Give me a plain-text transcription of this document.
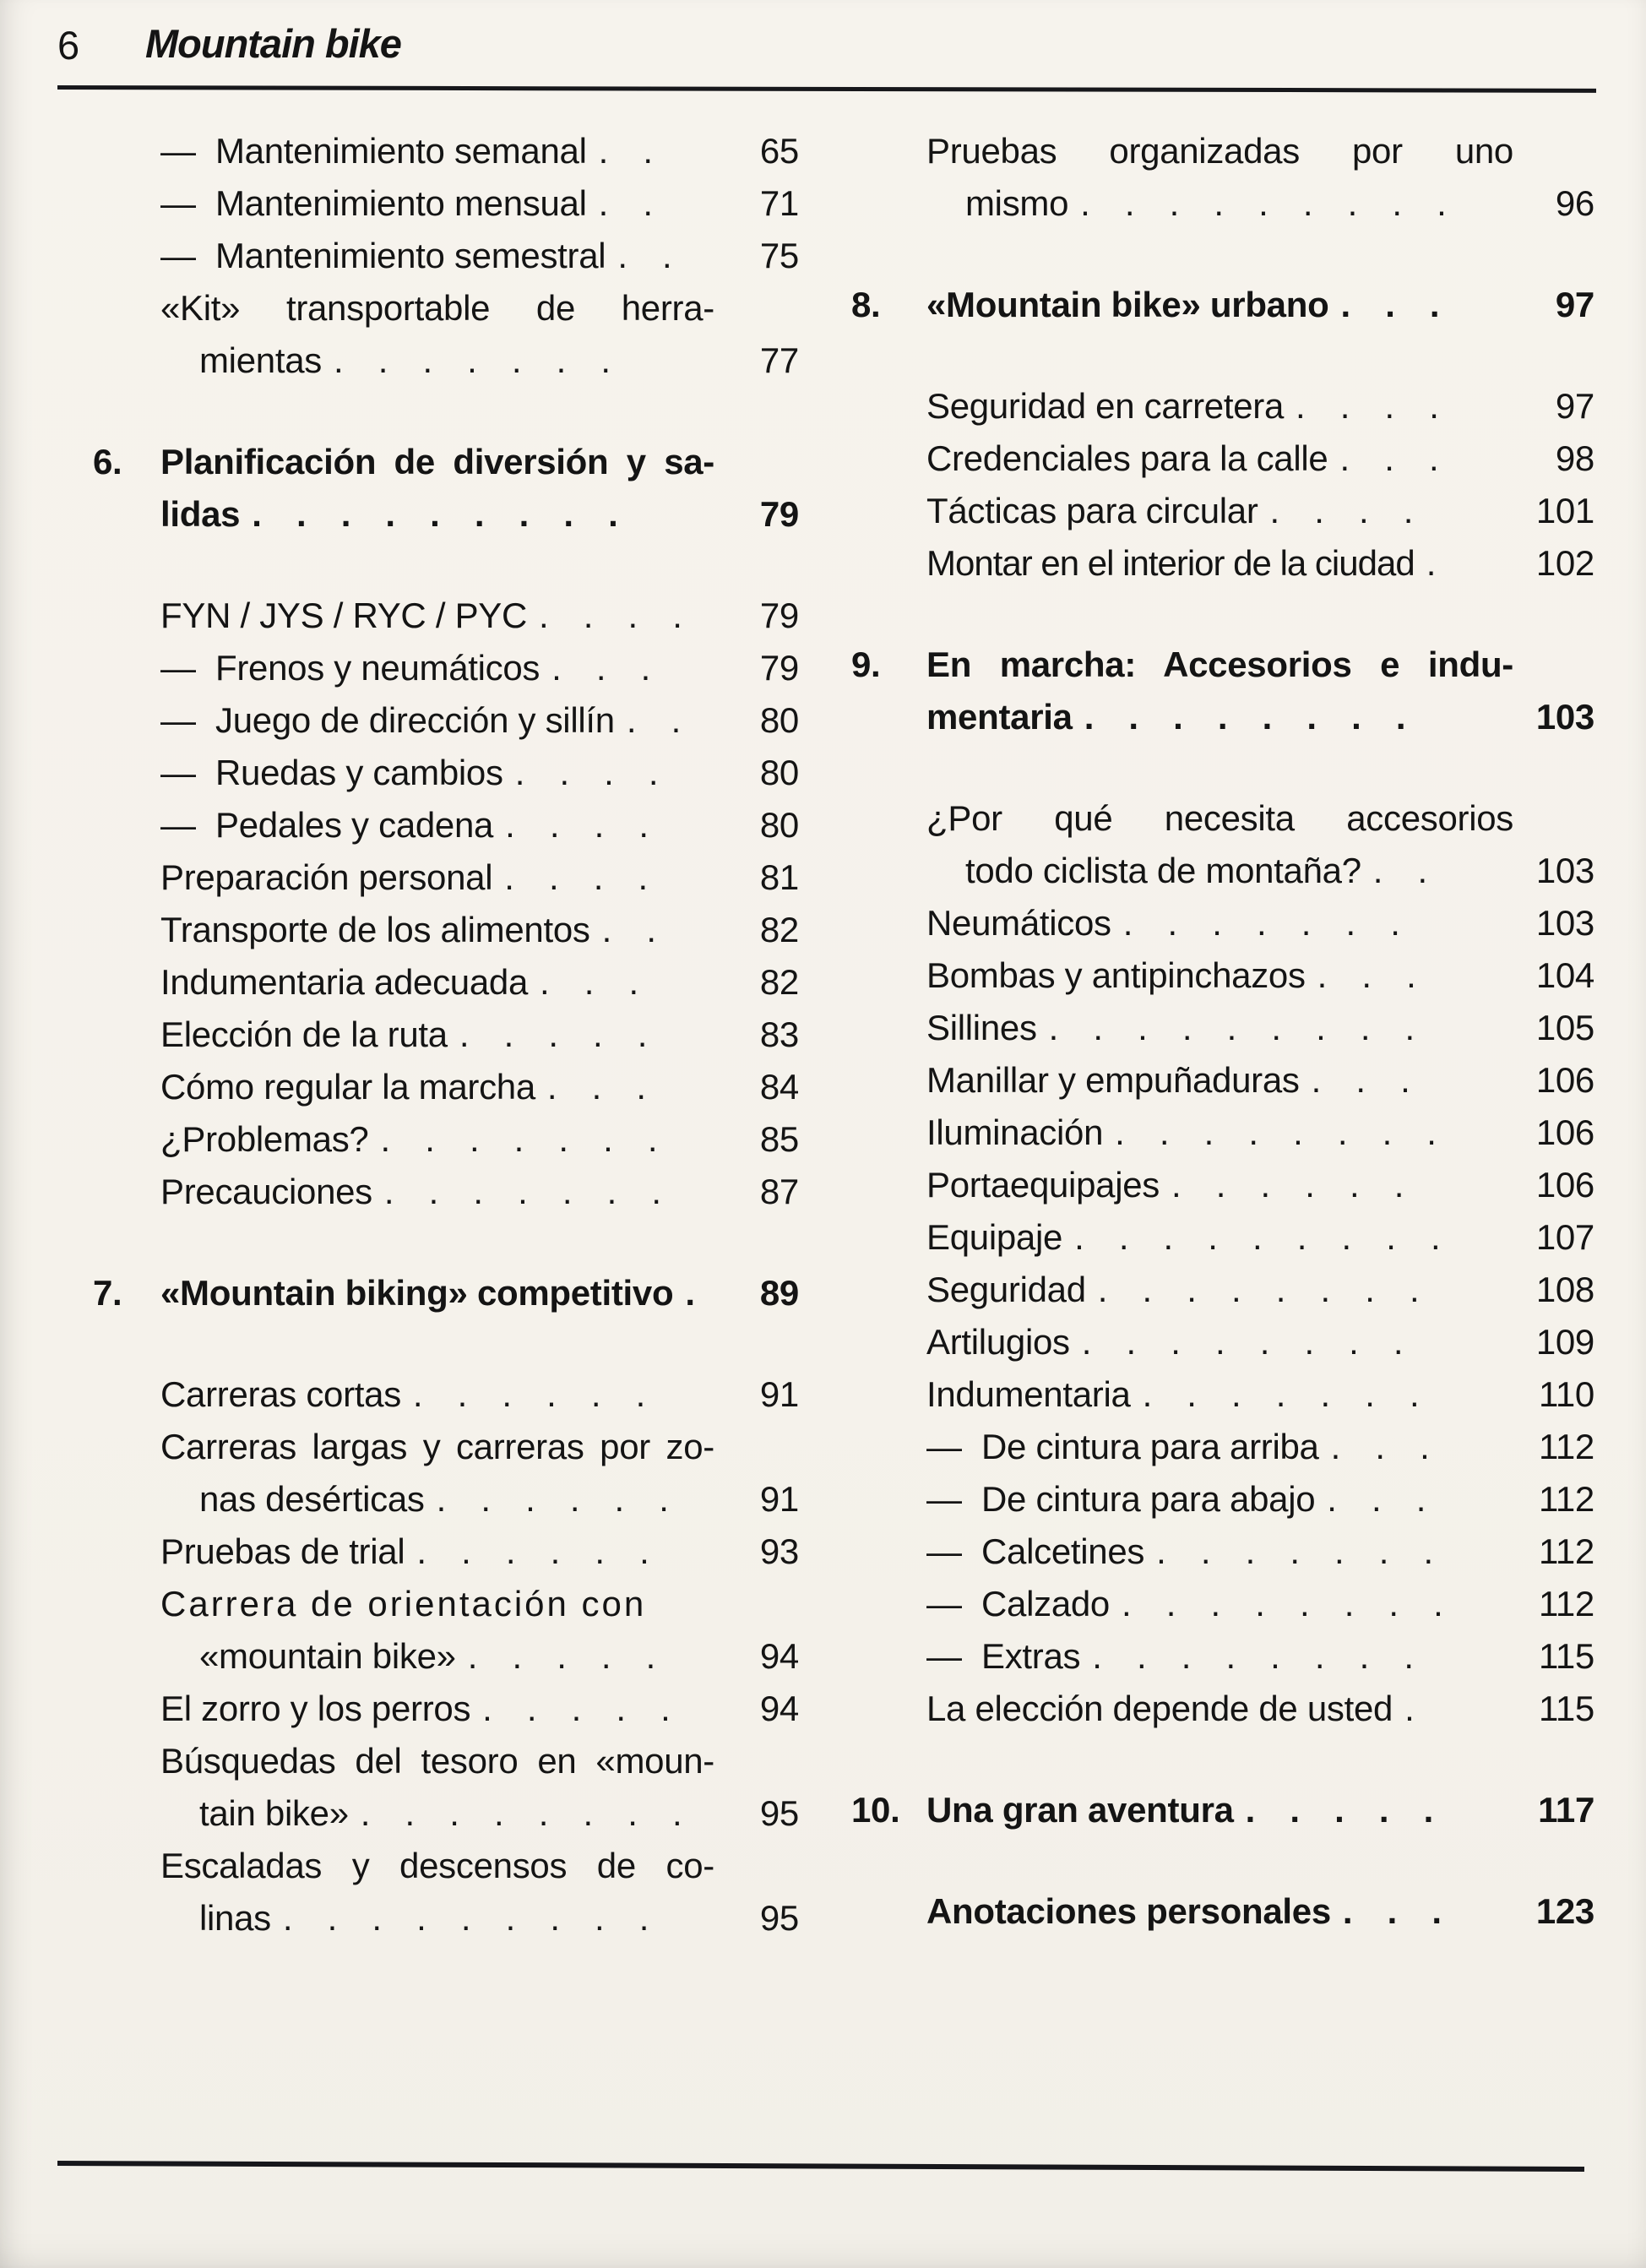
6 Mountain bike
— Mantenimiento semanal . .	65
— Mantenimiento mensual . .	71
— Mantenimiento semestral . .	75
«Kit» transportable de herra-
mientas . . . . . . .	77
6.	Planificación de diversión y sa-
lidas . . . . . . . . .	79
FYN / JYS / RYC / PYC . . . .	79
— Frenos y neumáticos . . .	79
— Juego de dirección y sillín . .	80
— Ruedas y cambios . . . .	80
— Pedales y cadena . . . .	80
Preparación personal . . . .	81
Transporte de los alimentos . .	82
Indumentaria adecuada . . .	82
Elección de la ruta . . . . .	83
Cómo regular la marcha . . .	84
¿Problemas? . . . . . . .	85
Precauciones . . . . . . .	87
7.	«Mountain biking» competitivo .	89
Carreras cortas . . . . . .	91
Carreras largas y carreras por zo-
nas desérticas . . . . . .	91
Pruebas de trial . . . . . .	93
Carrera de orientación con
«mountain bike» . . . . .	94
El zorro y los perros . . . . .	94
Búsquedas del tesoro en «moun-
tain bike» . . . . . . . .	95
Escaladas y descensos de co-
linas . . . . . . . . .	95
Pruebas organizadas por uno
mismo . . . . . . . . .	96
8.	«Mountain bike» urbano . . .	97
Seguridad en carretera . . . .	97
Credenciales para la calle . . .	98
Tácticas para circular . . . .	101
Montar en el interior de la ciudad .	102
9.	En marcha: Accesorios e indu-
mentaria . . . . . . . .	103
¿Por qué necesita accesorios
todo ciclista de montaña? . .	103
Neumáticos . . . . . . .	103
Bombas y antipinchazos . . .	104
Sillines . . . . . . . . .	105
Manillar y empuñaduras . . .	106
Iluminación . . . . . . . .	106
Portaequipajes . . . . . .	106
Equipaje . . . . . . . . .	107
Seguridad . . . . . . . .	108
Artilugios . . . . . . . .	109
Indumentaria . . . . . . .	110
— De cintura para arriba . . .	112
— De cintura para abajo . . .	112
— Calcetines . . . . . . .	112
— Calzado . . . . . . . .	112
— Extras . . . . . . . .	115
La elección depende de usted .	115
10. Una gran aventura . . . . .	117
Anotaciones personales . . .	123
